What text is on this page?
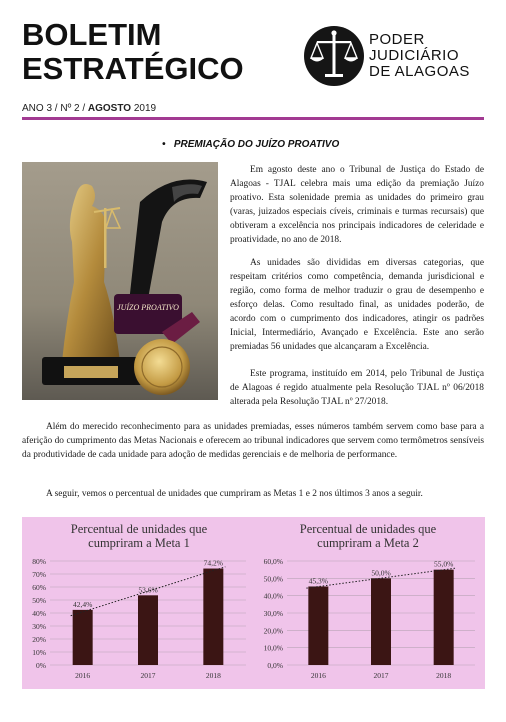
BOLETIM
ESTRATÉGICO
PODER
JUDICIÁRIO
DE ALAGOAS
ANO 3 / Nº 2 / AGOSTO 2019
• PREMIAÇÃO DO JUÍZO PROATIVO
JUÍZO PROATIVO

Em agosto deste ano o Tribunal de Justiça do Estado de Alagoas - TJAL celebra mais uma edição da premiação Juízo proativo. Esta solenidade premia as unidades do primeiro grau (varas, juizados especiais cíveis, criminais e turmas recursais) que obtiveram a excelência nos principais indicadores de celeridade e proatividade, no ano de 2018.

As unidades são divididas em diversas categorias, que respeitam critérios como competência, demanda jurisdicional e região, como forma de melhor traduzir o grau de desempenho e esforço delas. Como resultado final, as unidades poderão, de acordo com o cumprimento dos indicadores, atingir os padrões Inicial, Intermediário, Avançado e Excelência. Este ano serão premiadas 56 unidades que alcançaram a Excelência.

Este programa, instituído em 2014, pelo Tribunal de Justiça de Alagoas é regido atualmente pela Resolução TJAL nº 06/2018 alterada pela Resolução TJAL nº 27/2018.

Além do merecido reconhecimento para as unidades premiadas, esses números também servem como base para a aferição do cumprimento das Metas Nacionais e oferecem ao tribunal indicadores que servem como termômetros sensíveis da produtividade de cada unidade para adoção de medidas gerenciais e de melhoria de performance.

A seguir, vemos o percentual de unidades que cumpriram as Metas 1 e 2 nos últimos 3 anos a seguir.

Percentual de unidades que
cumpriram a Meta 1
0%
10%
20%
30%
40%
50%
60%
70%
80%
42,4%
2016
53,6%
2017
74,2%
2018
Percentual de unidades que
cumpriram a Meta 2
0,0%
10,0%
20,0%
30,0%
40,0%
50,0%
60,0%
45,3%
2016
50,0%
2017
55,0%
2018
